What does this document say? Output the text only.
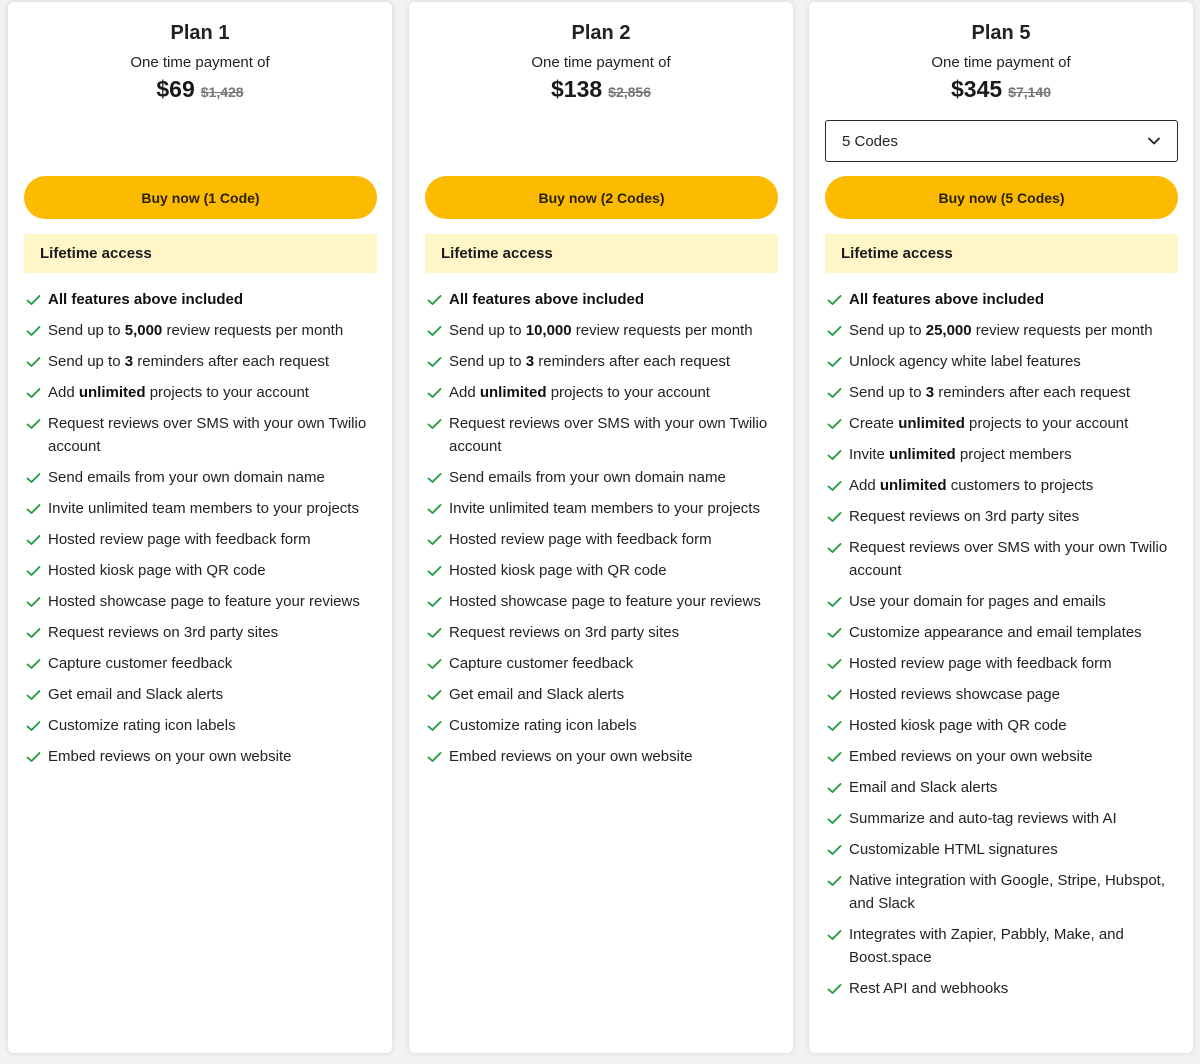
Plan 1
One time payment of
$69 $1,428
Buy now (1 Code)
Lifetime access
All features above included
Send up to 5,000 review requests per month
Send up to 3 reminders after each request
Add unlimited projects to your account
Request reviews over SMS with your own Twilio account
Send emails from your own domain name
Invite unlimited team members to your projects
Hosted review page with feedback form
Hosted kiosk page with QR code
Hosted showcase page to feature your reviews
Request reviews on 3rd party sites
Capture customer feedback
Get email and Slack alerts
Customize rating icon labels
Embed reviews on your own website
Plan 2
One time payment of
$138 $2,856
Buy now (2 Codes)
Lifetime access
All features above included
Send up to 10,000 review requests per month
Send up to 3 reminders after each request
Add unlimited projects to your account
Request reviews over SMS with your own Twilio account
Send emails from your own domain name
Invite unlimited team members to your projects
Hosted review page with feedback form
Hosted kiosk page with QR code
Hosted showcase page to feature your reviews
Request reviews on 3rd party sites
Capture customer feedback
Get email and Slack alerts
Customize rating icon labels
Embed reviews on your own website
Plan 5
One time payment of
$345 $7,140
5 Codes
Buy now (5 Codes)
Lifetime access
All features above included
Send up to 25,000 review requests per month
Unlock agency white label features
Send up to 3 reminders after each request
Create unlimited projects to your account
Invite unlimited project members
Add unlimited customers to projects
Request reviews on 3rd party sites
Request reviews over SMS with your own Twilio account
Use your domain for pages and emails
Customize appearance and email templates
Hosted review page with feedback form
Hosted reviews showcase page
Hosted kiosk page with QR code
Embed reviews on your own website
Email and Slack alerts
Summarize and auto-tag reviews with AI
Customizable HTML signatures
Native integration with Google, Stripe, Hubspot, and Slack
Integrates with Zapier, Pabbly, Make, and Boost.space
Rest API and webhooks
